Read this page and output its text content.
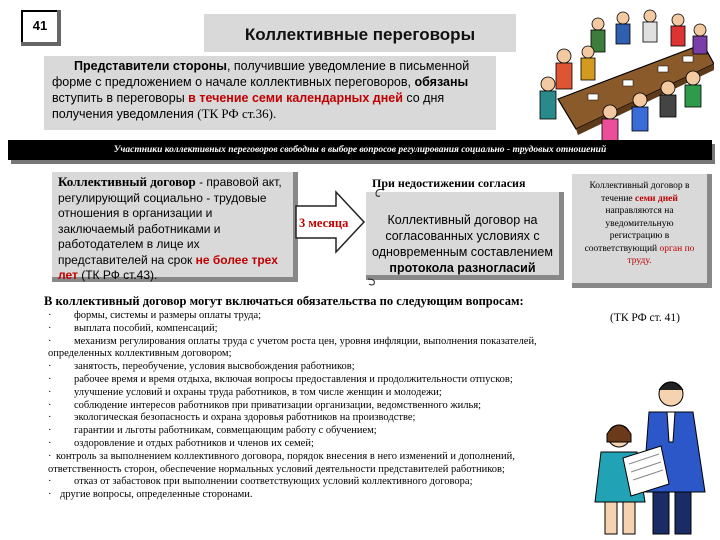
41	Коллективные переговоры
Представители стороны, получившие уведомление в письменной форме с предложением о начале коллективных переговоров, обязаны вступить в переговоры в течение семи календарных дней со дня получения уведомления (ТК РФ ст.36).
Участники коллективных переговоров свободны в выборе вопросов регулирования социально - трудовых отношений
Коллективный договор - правовой акт, регулирующий социально - трудовые отношения в организации и заключаемый работниками и работодателем в лице их представителей на срок не более трех лет (ТК РФ ст.43).
3 месяца
При недостижении согласия
Коллективный договор на согласованных условиях с одновременным составлением протокола разногласий
Коллективный договор в течение семи дней направляются на уведомительную регистрацию в соответствующий орган по труду.
В коллективный договор могут включаться обязательства по следующим вопросам:
(ТК РФ ст. 41)
· формы, системы и размеры оплаты труда;
· выплата пособий, компенсаций;
· механизм регулирования оплаты труда с учетом роста цен, уровня инфляции, выполнения показателей,
определенных коллективным договором;
· занятость, переобучение, условия высвобождения работников;
· рабочее время и время отдыха, включая вопросы предоставления и продолжительности отпусков;
· улучшение условий и охраны труда работников, в том числе женщин и молодежи;
· соблюдение интересов работников при приватизации организации, ведомственного жилья;
· экологическая безопасность и охрана здоровья работников на производстве;
· гарантии и льготы работникам, совмещающим работу с обучением;
· оздоровление и отдых работников и членов их семей;
· контроль за выполнением коллективного договора, порядок внесения в него изменений и дополнений,
ответственность сторон, обеспечение нормальных условий деятельности представителей работников;
· отказ от забастовок при выполнении соответствующих условий коллективного договора;
· другие вопросы, определенные сторонами.
